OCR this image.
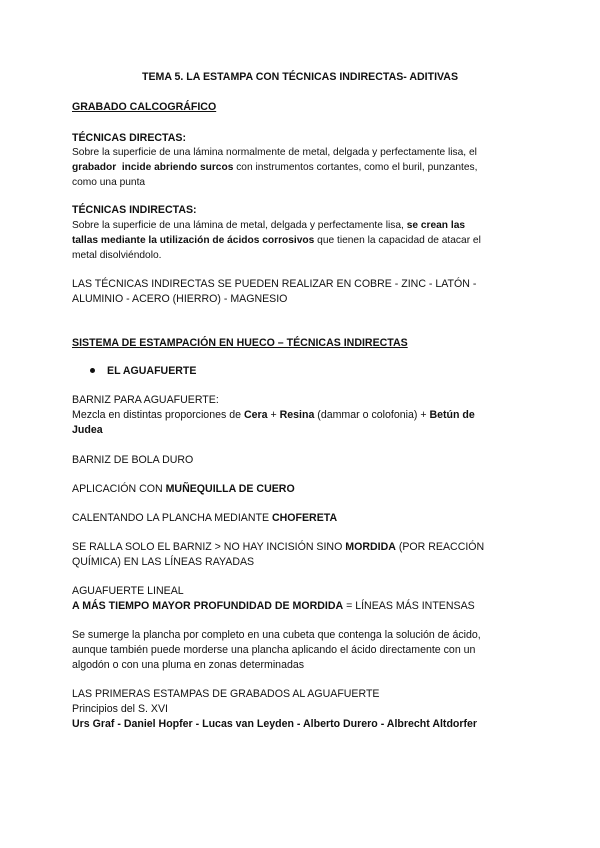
TEMA 5. LA ESTAMPA CON TÉCNICAS INDIRECTAS- ADITIVAS
GRABADO CALCOGRÁFICO
TÉCNICAS DIRECTAS:
Sobre la superficie de una lámina normalmente de metal, delgada y perfectamente lisa, el
grabador incide abriendo surcos con instrumentos cortantes, como el buril, punzantes,
como una punta
TÉCNICAS INDIRECTAS:
Sobre la superficie de una lámina de metal, delgada y perfectamente lisa, se crean las
tallas mediante la utilización de ácidos corrosivos que tienen la capacidad de atacar el
metal disolviéndolo.
LAS TÉCNICAS INDIRECTAS SE PUEDEN REALIZAR EN COBRE - ZINC - LATÓN -
ALUMINIO - ACERO (HIERRO) - MAGNESIO
SISTEMA DE ESTAMPACIÓN EN HUECO – TÉCNICAS INDIRECTAS
EL AGUAFUERTE
BARNIZ PARA AGUAFUERTE:
Mezcla en distintas proporciones de Cera + Resina (dammar o colofonia) + Betún de
Judea
BARNIZ DE BOLA DURO
APLICACIÓN CON MUÑEQUILLA DE CUERO
CALENTANDO LA PLANCHA MEDIANTE CHOFERETA
SE RALLA SOLO EL BARNIZ > NO HAY INCISIÓN SINO MORDIDA (POR REACCIÓN
QUÍMICA) EN LAS LÍNEAS RAYADAS
AGUAFUERTE LINEAL
A MÁS TIEMPO MAYOR PROFUNDIDAD DE MORDIDA = LÍNEAS MÁS INTENSAS
Se sumerge la plancha por completo en una cubeta que contenga la solución de ácido,
aunque también puede morderse una plancha aplicando el ácido directamente con un
algodón o con una pluma en zonas determinadas
LAS PRIMERAS ESTAMPAS DE GRABADOS AL AGUAFUERTE
Principios del S. XVI
Urs Graf - Daniel Hopfer - Lucas van Leyden - Alberto Durero - Albrecht Altdorfer
